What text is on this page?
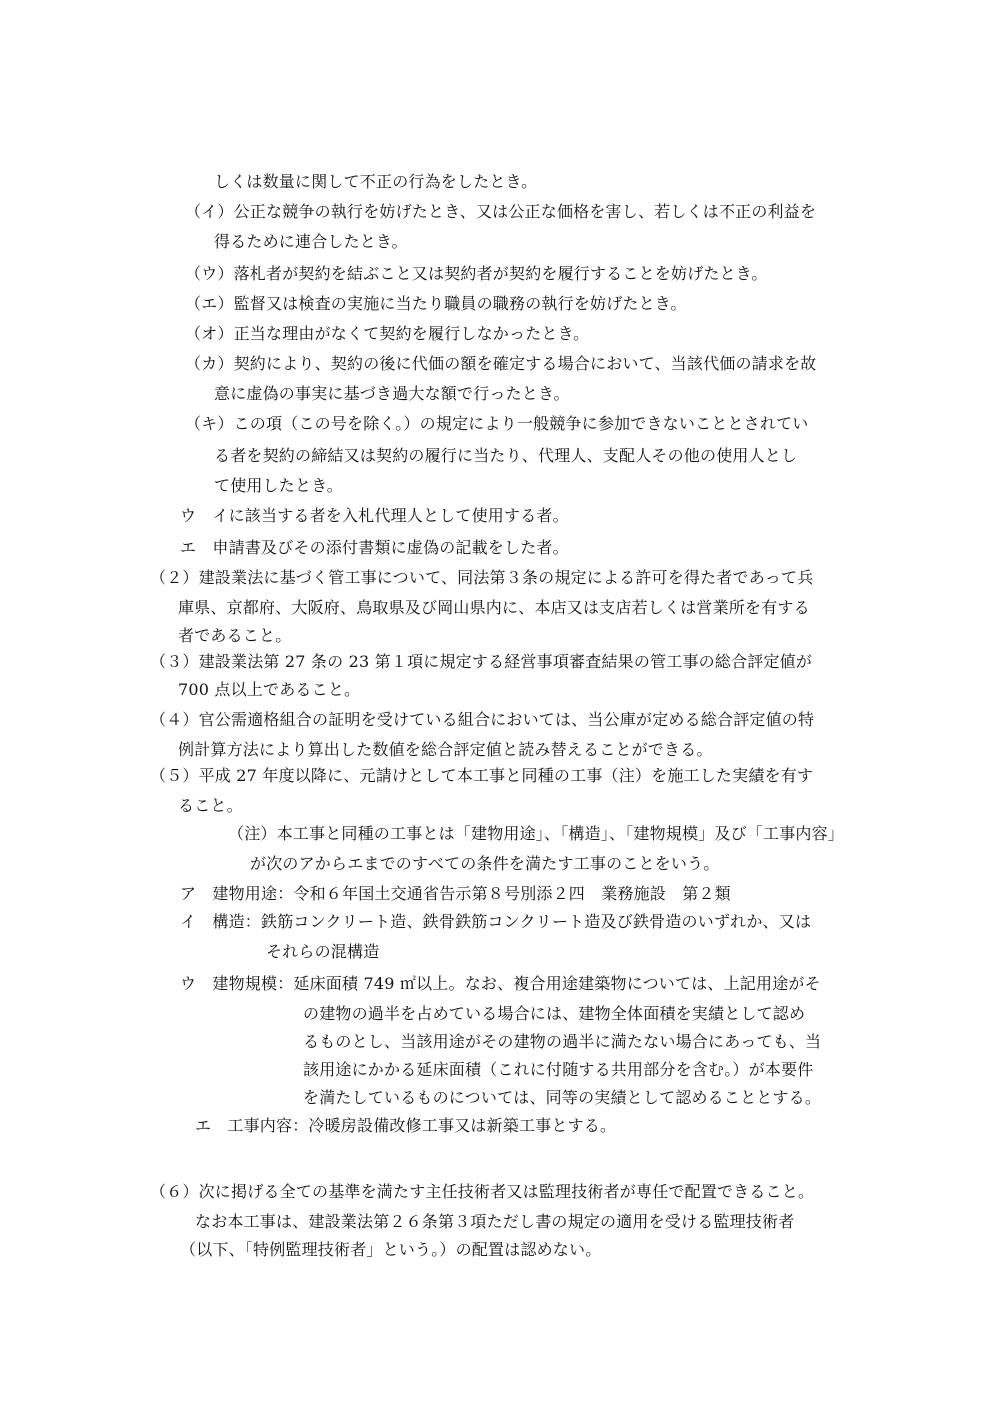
しくは数量に関して不正の行為をしたとき。
（イ）公正な競争の執行を妨げたとき、又は公正な価格を害し、若しくは不正の利益を
得るために連合したとき。
（ウ）落札者が契約を結ぶこと又は契約者が契約を履行することを妨げたとき。
（エ）監督又は検査の実施に当たり職員の職務の執行を妨げたとき。
（オ）正当な理由がなくて契約を履行しなかったとき。
（カ）契約により、契約の後に代価の額を確定する場合において、当該代価の請求を故
意に虚偽の事実に基づき過大な額で行ったとき。
（キ）この項（この号を除く。）の規定により一般競争に参加できないこととされてい
る者を契約の締結又は契約の履行に当たり、代理人、支配人その他の使用人とし
て使用したとき。
ウ　イに該当する者を入札代理人として使用する者。
エ　申請書及びその添付書類に虚偽の記載をした者。
（２）建設業法に基づく管工事について、同法第３条の規定による許可を得た者であって兵
庫県、京都府、大阪府、鳥取県及び岡山県内に、本店又は支店若しくは営業所を有する
者であること。
（３）建設業法第 27 条の 23 第１項に規定する経営事項審査結果の管工事の総合評定値が
700 点以上であること。
（４）官公需適格組合の証明を受けている組合においては、当公庫が定める総合評定値の特
例計算方法により算出した数値を総合評定値と読み替えることができる。
（５）平成 27 年度以降に、元請けとして本工事と同種の工事（注）を施工した実績を有す
ること。
（注）本工事と同種の工事とは「建物用途」、「構造」、「建物規模」及び「工事内容」
が次のアからエまでのすべての条件を満たす工事のことをいう。
ア　建物用途：令和６年国土交通省告示第８号別添２四　業務施設　第２類
イ　構造：鉄筋コンクリート造、鉄骨鉄筋コンクリート造及び鉄骨造のいずれか、又は
それらの混構造
ウ　建物規模：延床面積 749 ㎡以上。なお、複合用途建築物については、上記用途がそ
の建物の過半を占めている場合には、建物全体面積を実績として認め
るものとし、当該用途がその建物の過半に満たない場合にあっても、当
該用途にかかる延床面積（これに付随する共用部分を含む。）が本要件
を満たしているものについては、同等の実績として認めることとする。
エ　工事内容：冷暖房設備改修工事又は新築工事とする。
（６）次に掲げる全ての基準を満たす主任技術者又は監理技術者が専任で配置できること。
なお本工事は、建設業法第２６条第３項ただし書の規定の適用を受ける監理技術者
（以下、「特例監理技術者」という。）の配置は認めない。
